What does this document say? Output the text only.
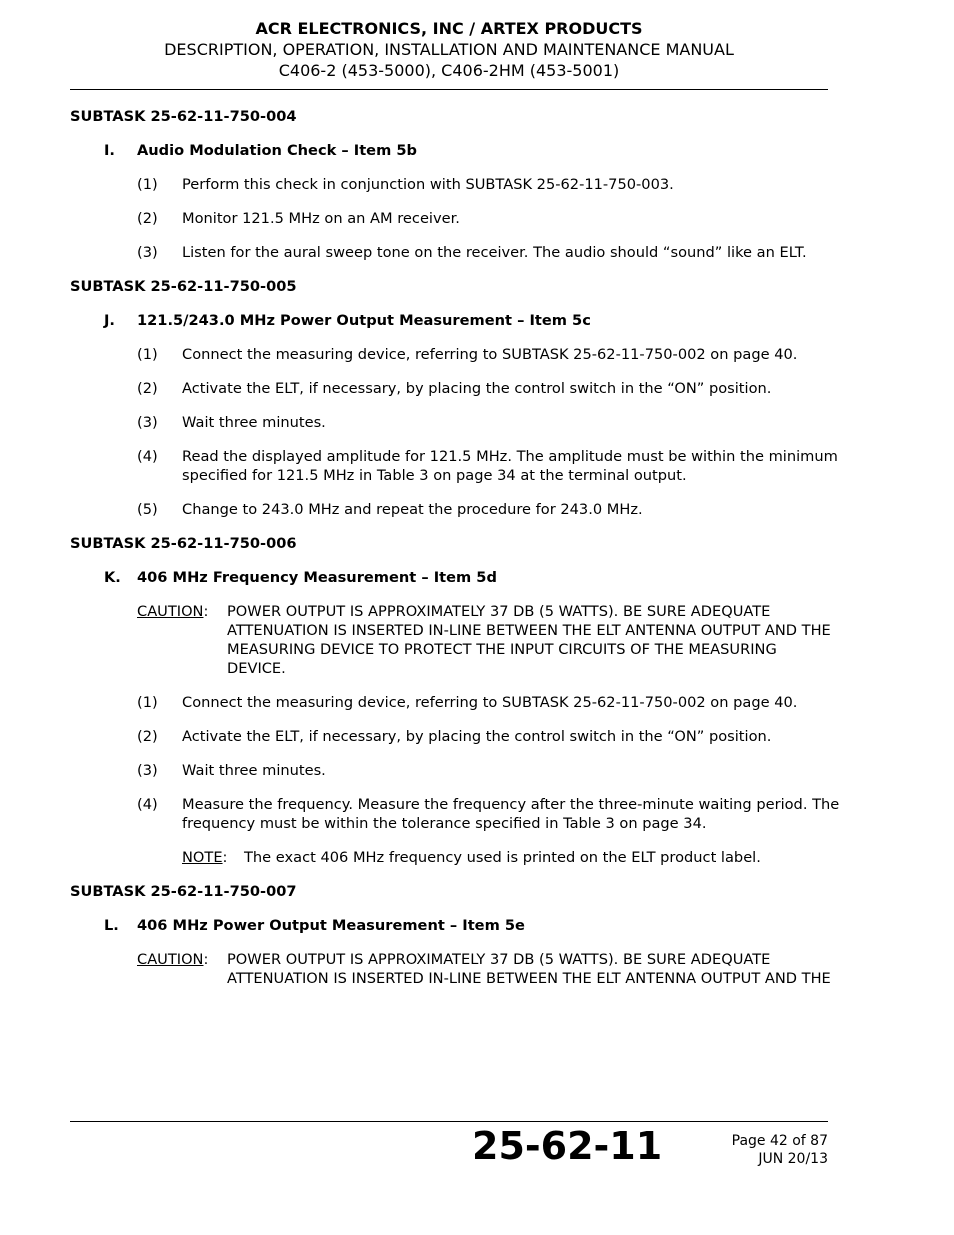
ACR ELECTRONICS, INC / ARTEX PRODUCTS
DESCRIPTION, OPERATION, INSTALLATION AND MAINTENANCE MANUAL
C406-2 (453-5000), C406-2HM (453-5001)
SUBTASK 25-62-11-750-004
I. Audio Modulation Check – Item 5b
(1) Perform this check in conjunction with SUBTASK 25-62-11-750-003.
(2) Monitor 121.5 MHz on an AM receiver.
(3) Listen for the aural sweep tone on the receiver. The audio should “sound” like an ELT.
SUBTASK 25-62-11-750-005
J. 121.5/243.0 MHz Power Output Measurement – Item 5c
(1) Connect the measuring device, referring to SUBTASK 25-62-11-750-002 on page 40.
(2) Activate the ELT, if necessary, by placing the control switch in the “ON” position.
(3) Wait three minutes.
(4) Read the displayed amplitude for 121.5 MHz. The amplitude must be within the minimum specified for 121.5 MHz in Table 3 on page 34 at the terminal output.
(5) Change to 243.0 MHz and repeat the procedure for 243.0 MHz.
SUBTASK 25-62-11-750-006
K. 406 MHz Frequency Measurement – Item 5d
CAUTION: POWER OUTPUT IS APPROXIMATELY 37 DB (5 WATTS). BE SURE ADEQUATE ATTENUATION IS INSERTED IN-LINE BETWEEN THE ELT ANTENNA OUTPUT AND THE MEASURING DEVICE TO PROTECT THE INPUT CIRCUITS OF THE MEASURING DEVICE.
(1) Connect the measuring device, referring to SUBTASK 25-62-11-750-002 on page 40.
(2) Activate the ELT, if necessary, by placing the control switch in the “ON” position.
(3) Wait three minutes.
(4) Measure the frequency. Measure the frequency after the three-minute waiting period. The frequency must be within the tolerance specified in Table 3 on page 34.
NOTE: The exact 406 MHz frequency used is printed on the ELT product label.
SUBTASK 25-62-11-750-007
L. 406 MHz Power Output Measurement – Item 5e
CAUTION: POWER OUTPUT IS APPROXIMATELY 37 DB (5 WATTS). BE SURE ADEQUATE ATTENUATION IS INSERTED IN-LINE BETWEEN THE ELT ANTENNA OUTPUT AND THE
25-62-11	Page 42 of 87
JUN 20/13
